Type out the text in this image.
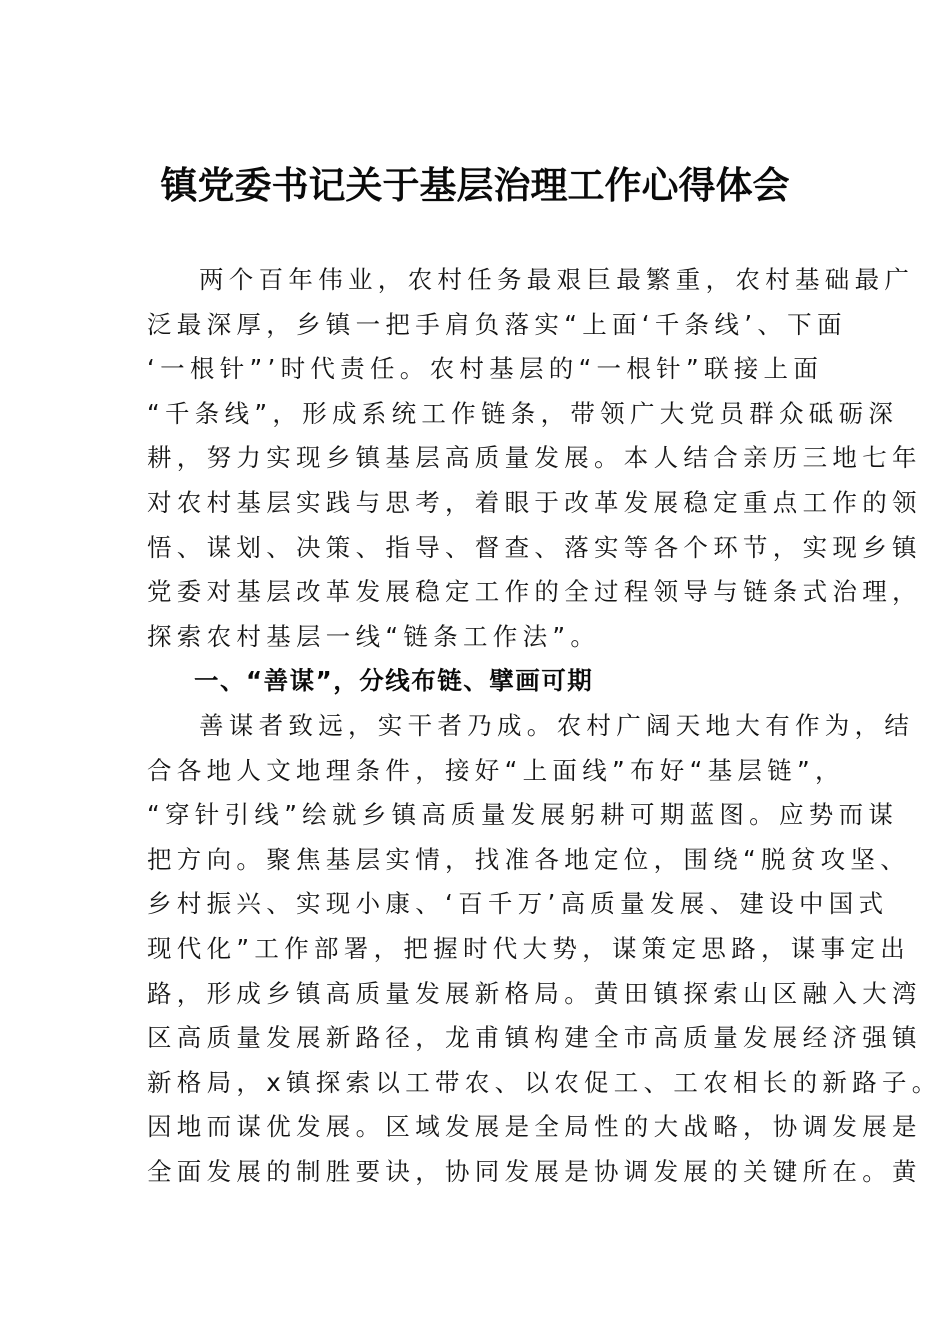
镇党委书记关于基层治理工作心得体会
两个百年伟业，农村任务最艰巨最繁重，农村基础最广
泛最深厚，乡镇一把手肩负落实“上面‘千条线’、下面
‘一根针”’时代责任。农村基层的“一根针”联接上面
“千条线”，形成系统工作链条，带领广大党员群众砥砺深
耕，努力实现乡镇基层高质量发展。本人结合亲历三地七年
对农村基层实践与思考，着眼于改革发展稳定重点工作的领
悟、谋划、决策、指导、督查、落实等各个环节，实现乡镇
党委对基层改革发展稳定工作的全过程领导与链条式治理，
探索农村基层一线“链条工作法”。
一、“善谋”，分线布链、擘画可期
善谋者致远，实干者乃成。农村广阔天地大有作为，结
合各地人文地理条件，接好“上面线”布好“基层链”，
“穿针引线”绘就乡镇高质量发展躬耕可期蓝图。应势而谋
把方向。聚焦基层实情，找准各地定位，围绕“脱贫攻坚、
乡村振兴、实现小康、‘百千万’高质量发展、建设中国式
现代化”工作部署，把握时代大势，谋策定思路，谋事定出
路，形成乡镇高质量发展新格局。黄田镇探索山区融入大湾
区高质量发展新路径，龙甫镇构建全市高质量发展经济强镇
新格局，x镇探索以工带农、以农促工、工农相长的新路子。
因地而谋优发展。区域发展是全局性的大战略，协调发展是
全面发展的制胜要诀，协同发展是协调发展的关键所在。黄
